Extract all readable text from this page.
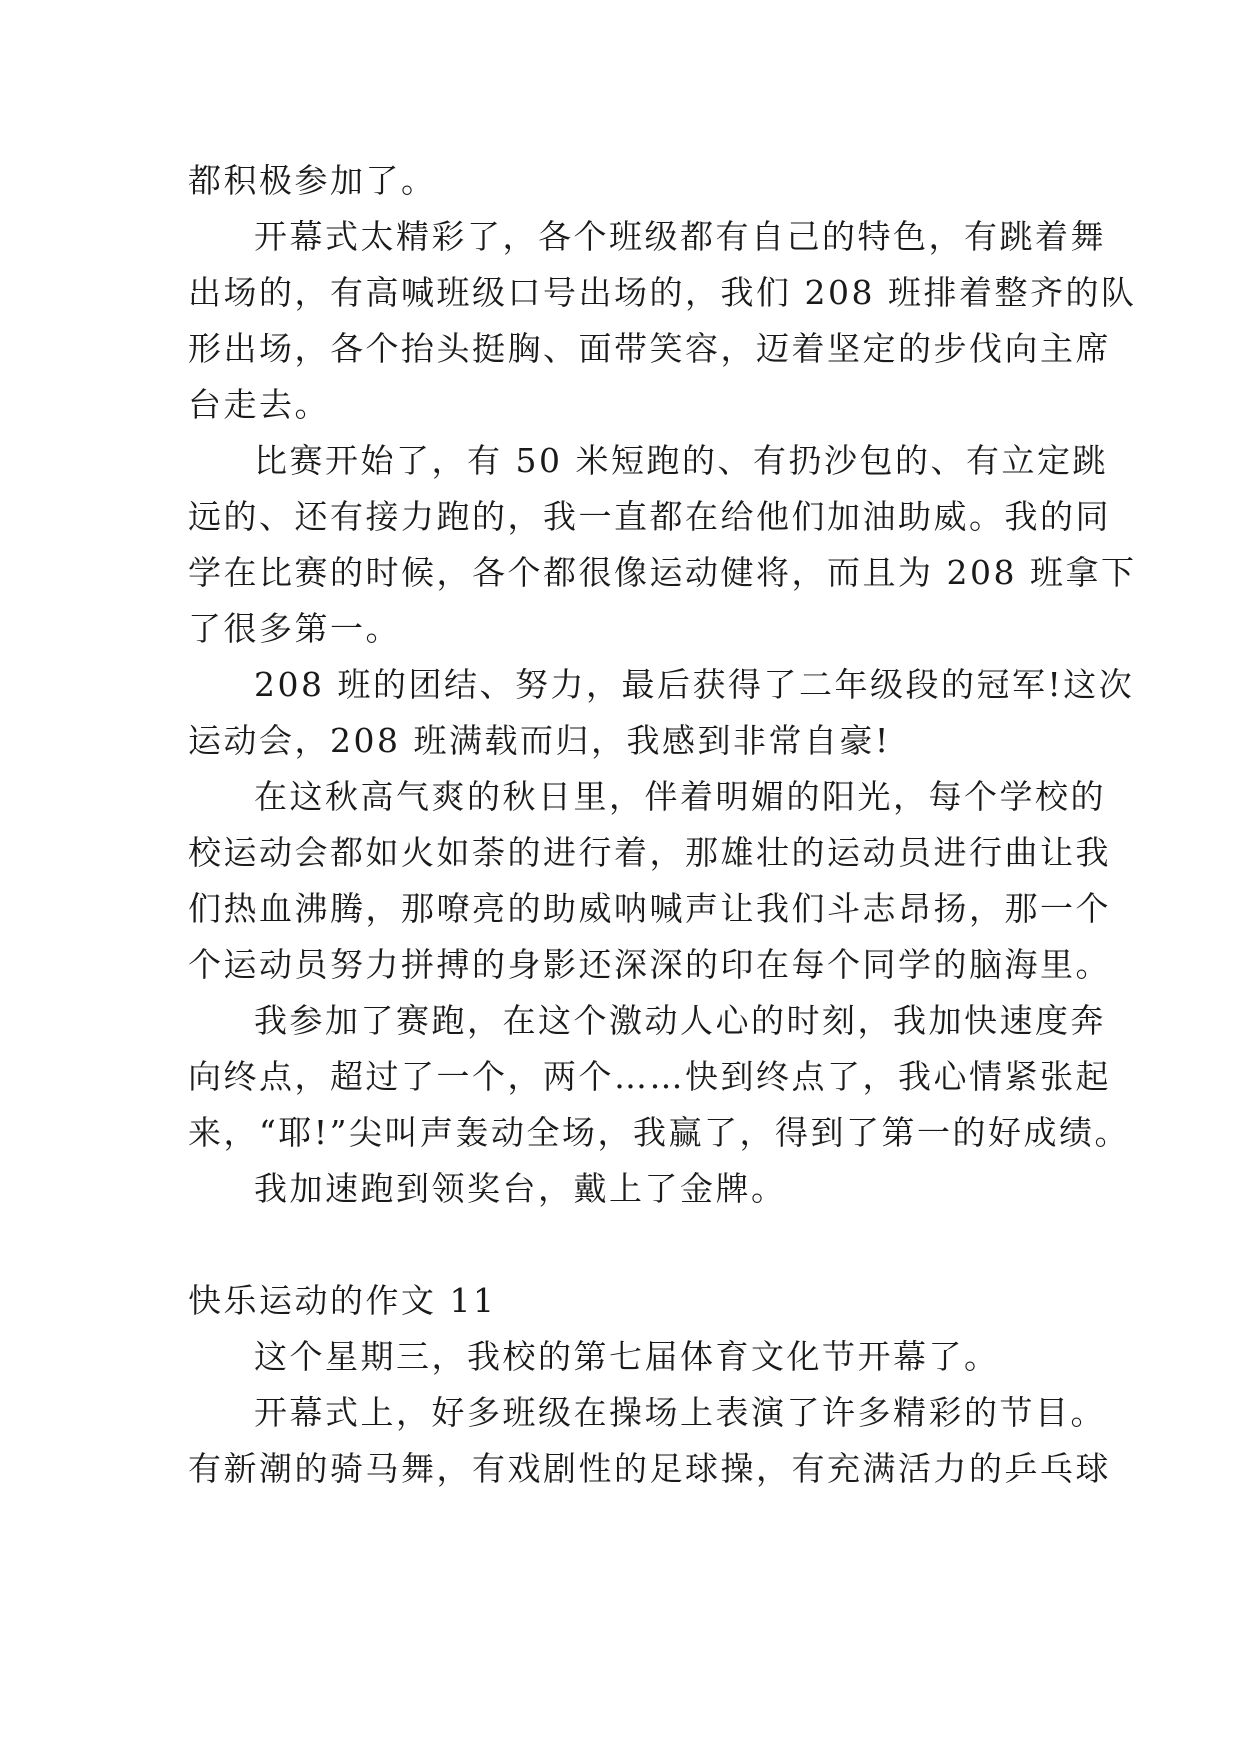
都积极参加了。
开幕式太精彩了，各个班级都有自己的特色，有跳着舞
出场的，有高喊班级口号出场的，我们 208 班排着整齐的队
形出场，各个抬头挺胸、面带笑容，迈着坚定的步伐向主席
台走去。
比赛开始了，有 50 米短跑的、有扔沙包的、有立定跳
远的、还有接力跑的，我一直都在给他们加油助威。我的同
学在比赛的时候，各个都很像运动健将，而且为 208 班拿下
了很多第一。
208 班的团结、努力，最后获得了二年级段的冠军!这次
运动会，208 班满载而归，我感到非常自豪!
在这秋高气爽的秋日里，伴着明媚的阳光，每个学校的
校运动会都如火如荼的进行着，那雄壮的运动员进行曲让我
们热血沸腾，那嘹亮的助威呐喊声让我们斗志昂扬，那一个
个运动员努力拼搏的身影还深深的印在每个同学的脑海里。
我参加了赛跑，在这个激动人心的时刻，我加快速度奔
向终点，超过了一个，两个……快到终点了，我心情紧张起
来，“耶!”尖叫声轰动全场，我赢了，得到了第一的好成绩。
我加速跑到领奖台，戴上了金牌。
快乐运动的作文 11
这个星期三，我校的第七届体育文化节开幕了。
开幕式上，好多班级在操场上表演了许多精彩的节目。
有新潮的骑马舞，有戏剧性的足球操，有充满活力的乒乓球
